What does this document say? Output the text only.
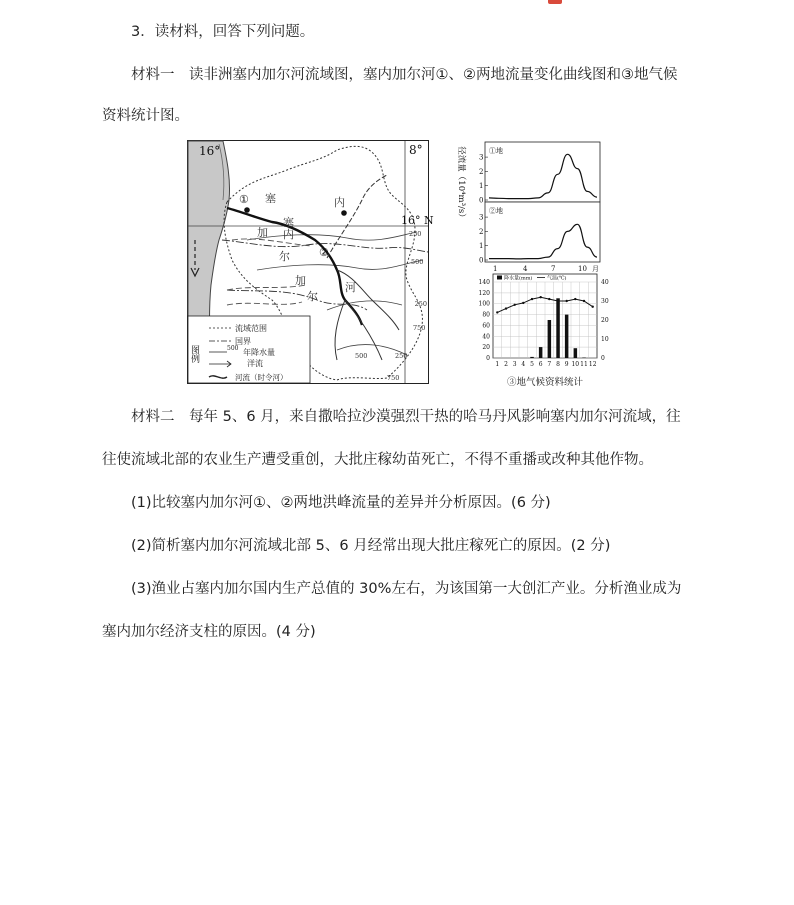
3．读材料，回答下列问题。
材料一　读非洲塞内加尔河流域图，塞内加尔河①、②两地流量变化曲线图和③地气候
资料统计图。
16°	8°
16° N
①
②
塞	内
塞
内
加
尔
河
加
尔
250
500
250
750
500	250
750
图例
流域范围
国界
500 年降水量
洋流
河流（时令河）
径流量（10⁴m³/s）	①地
②地
3
2
1
0
3
2
1
0
1	4	7	10 月
140
120
100
80
60
40
20
0
40
30
20
10
0
1 2 3 4 5 6 7 8 9 10 11 12
降水量(mm)	气温(℃)
③地气候资料统计
材料二　每年 5、6 月，来自撒哈拉沙漠强烈干热的哈马丹风影响塞内加尔河流域，往
往使流域北部的农业生产遭受重创，大批庄稼幼苗死亡，不得不重播或改种其他作物。
(1)比较塞内加尔河①、②两地洪峰流量的差异并分析原因。(6 分)
(2)简析塞内加尔河流域北部 5、6 月经常出现大批庄稼死亡的原因。(2 分)
(3)渔业占塞内加尔国内生产总值的 30%左右，为该国第一大创汇产业。分析渔业成为
塞内加尔经济支柱的原因。(4 分)
